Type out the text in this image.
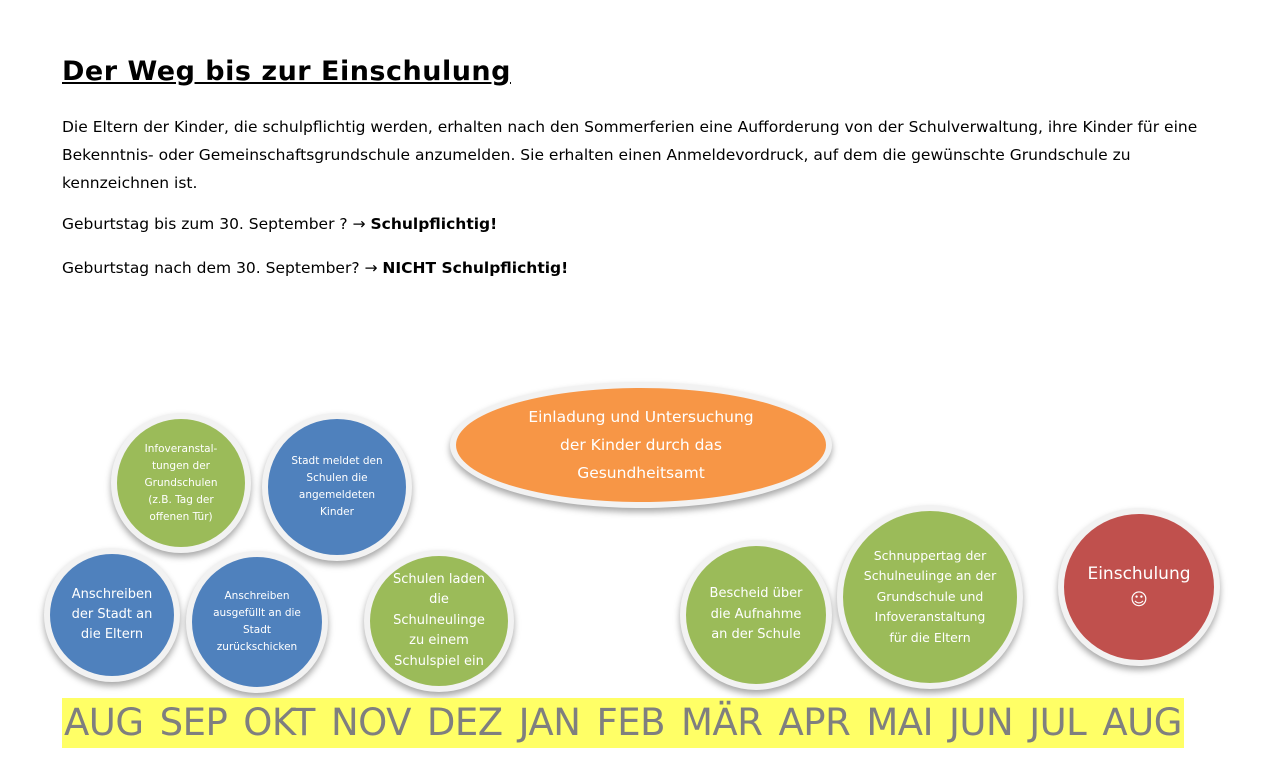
Der Weg bis zur Einschulung

Die Eltern der Kinder, die schulpflichtig werden, erhalten nach den Sommerferien eine Aufforderung von der Schulverwaltung, ihre Kinder für eine Bekenntnis- oder Gemeinschaftsgrundschule anzumelden. Sie erhalten einen Anmeldevordruck, auf dem die gewünschte Grundschule zu kennzeichnen ist.

Geburtstag bis zum 30. September ? → Schulpflichtig!

Geburtstag nach dem 30. September? → NICHT Schulpflichtig!

Infoveranstal-
tungen der
Grundschulen
(z.B. Tag der
offenen Tür)
Stadt meldet den
Schulen die
angemeldeten
Kinder
Einladung und Untersuchung
der Kinder durch das
Gesundheitsamt
Anschreiben
der Stadt an
die Eltern
Anschreiben
ausgefüllt an die
Stadt
zurückschicken
Schulen laden
die
Schulneulinge
zu einem
Schulspiel ein
Bescheid über
die Aufnahme
an der Schule
Schnuppertag der
Schulneulinge an der
Grundschule und
Infoveranstaltung
für die Eltern
Einschulung
☺
AUG SEP OKT NOV DEZ JAN FEB MÄR APR MAI JUN JUL AUG
